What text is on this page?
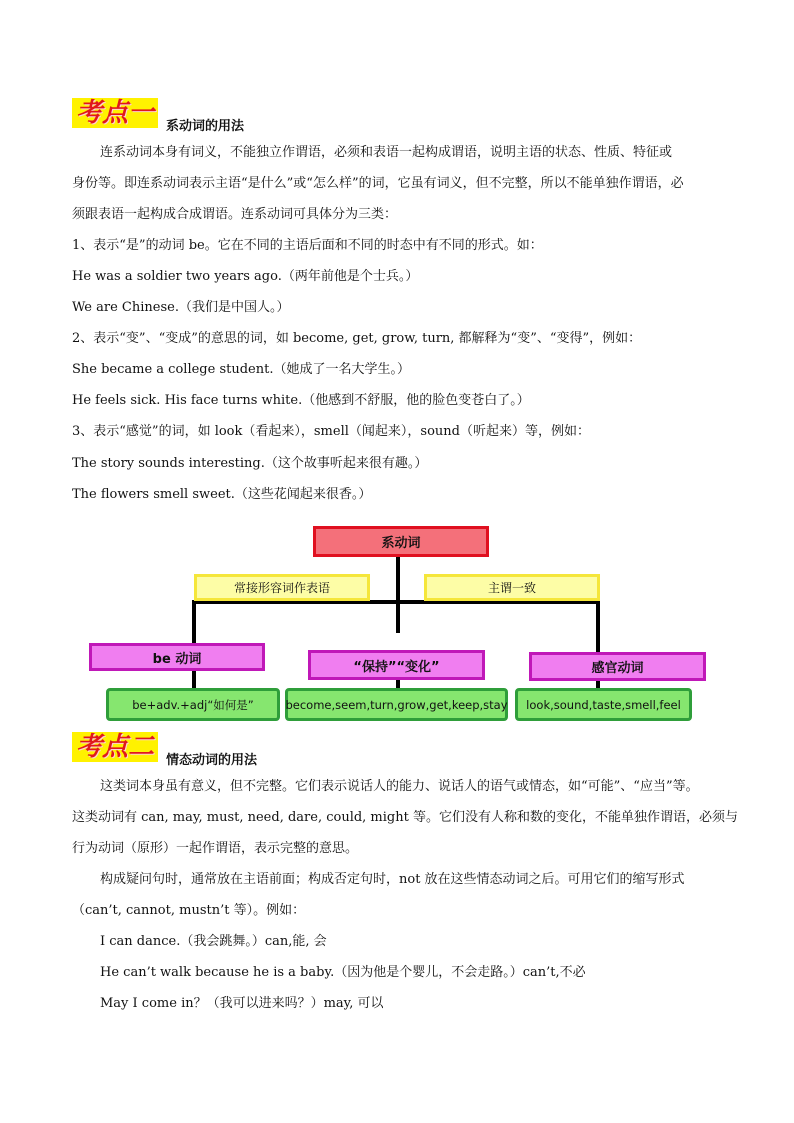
考点一 系动词的用法
连系动词本身有词义，不能独立作谓语，必须和表语一起构成谓语，说明主语的状态、性质、特征或
身份等。即连系动词表示主语“是什么”或“怎么样”的词，它虽有词义，但不完整，所以不能单独作谓语，必
须跟表语一起构成合成谓语。连系动词可具体分为三类：
1、表示“是”的动词 be。它在不同的主语后面和不同的时态中有不同的形式。如：
He was a soldier two years ago.（两年前他是个士兵。）
We are Chinese.（我们是中国人。）
2、表示“变”、“变成”的意思的词，如 become, get, grow, turn, 都解释为“变”、“变得”，例如：
She became a college student.（她成了一名大学生。）
He feels sick. His face turns white.（他感到不舒服，他的脸色变苍白了。）
3、表示“感觉”的词，如 look（看起来），smell（闻起来），sound（听起来）等，例如：
The story sounds interesting.（这个故事听起来很有趣。）
The flowers smell sweet.（这些花闻起来很香。）
系动词
常接形容词作表语	主谓一致
be 动词
“保持”“变化”	感官动词
be+adv.+adj“如何是”	become,seem,turn,grow,get,keep,stay	look,sound,taste,smell,feel
考点二 情态动词的用法
这类词本身虽有意义，但不完整。它们表示说话人的能力、说话人的语气或情态，如“可能”、“应当”等。
这类动词有 can, may, must, need, dare, could, might 等。它们没有人称和数的变化，不能单独作谓语，必须与
行为动词（原形）一起作谓语，表示完整的意思。
构成疑问句时，通常放在主语前面；构成否定句时，not 放在这些情态动词之后。可用它们的缩写形式
（can’t, cannot, mustn’t 等）。例如：
I can dance.（我会跳舞。）can,能, 会
He can’t walk because he is a baby.（因为他是个婴儿，不会走路。）can’t,不必
May I come in？（我可以进来吗？）may, 可以
